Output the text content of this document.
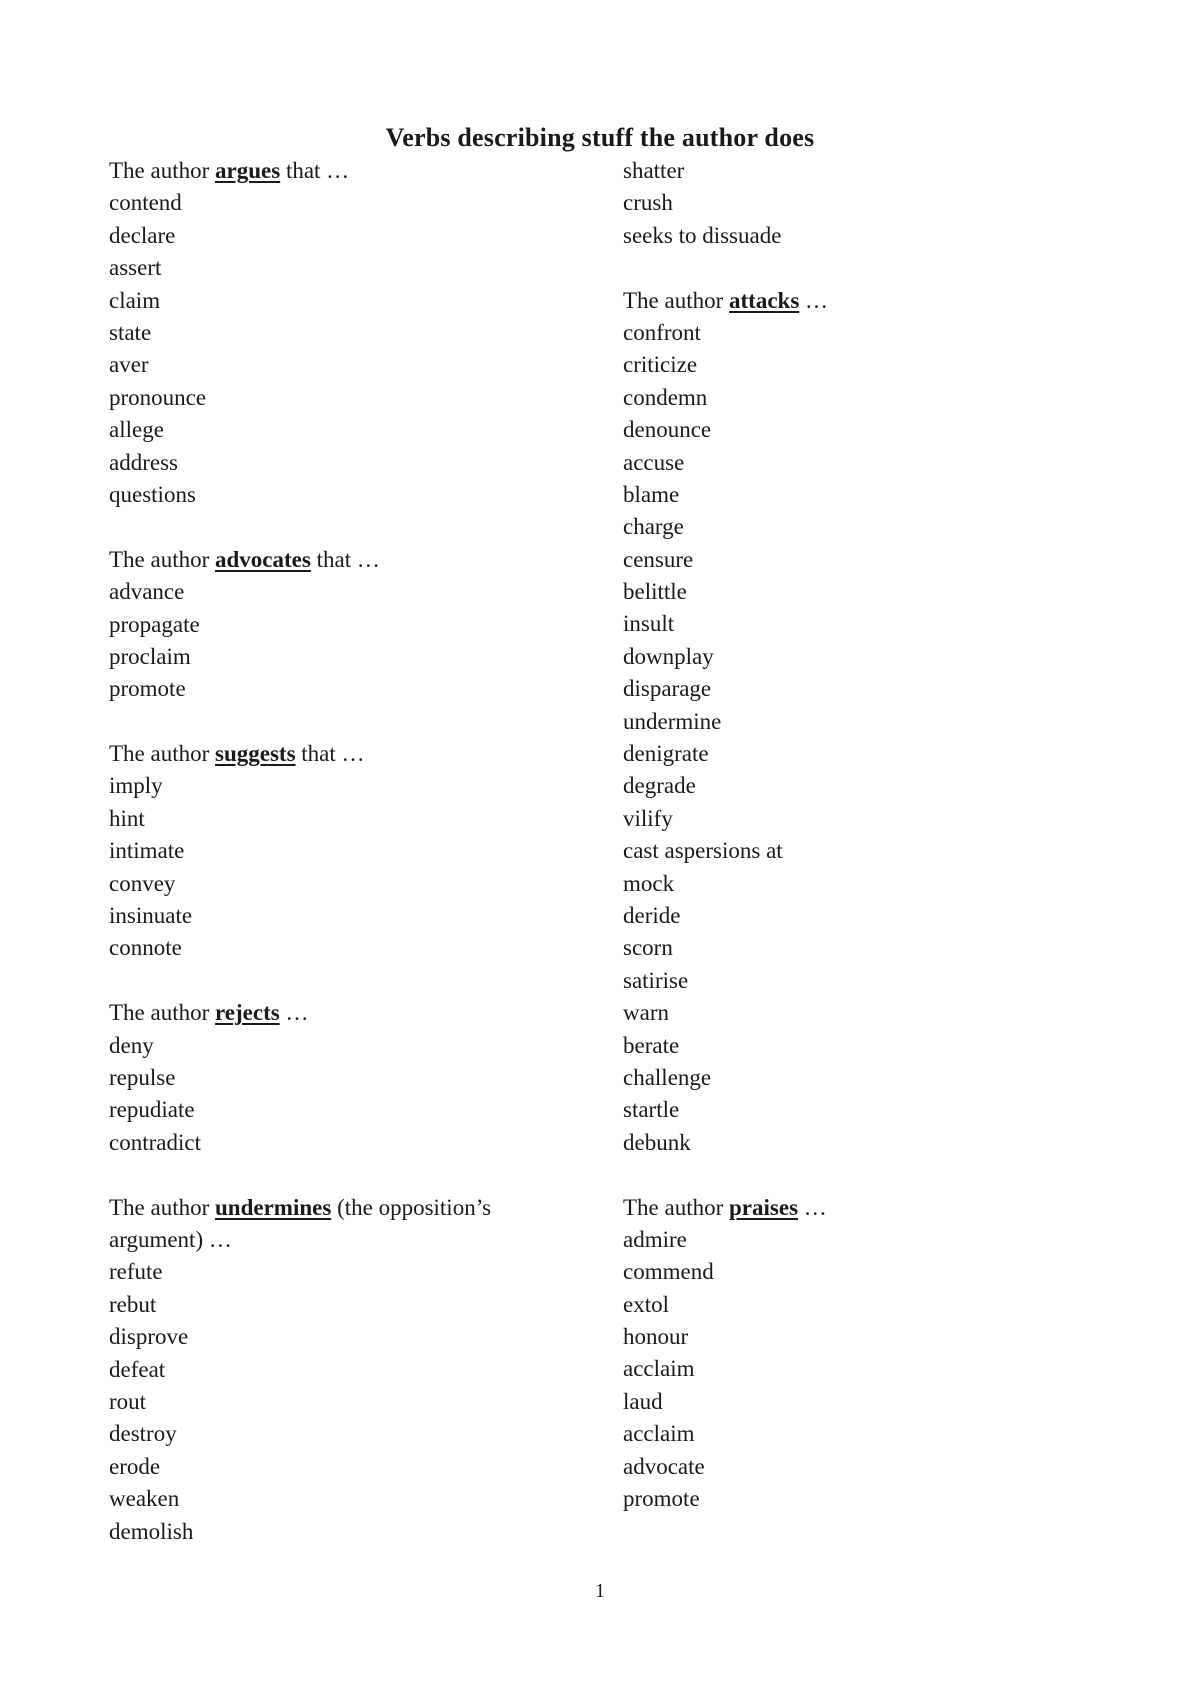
Verbs describing stuff the author does
The author argues that …
contend
declare
assert
claim
state
aver
pronounce
allege
address
questions
The author advocates that …
advance
propagate
proclaim
promote
The author suggests that …
imply
hint
intimate
convey
insinuate
connote
The author rejects …
deny
repulse
repudiate
contradict
The author undermines (the opposition’s argument) …
refute
rebut
disprove
defeat
rout
destroy
erode
weaken
demolish
shatter
crush
seeks to dissuade
The author attacks …
confront
criticize
condemn
denounce
accuse
blame
charge
censure
belittle
insult
downplay
disparage
undermine
denigrate
degrade
vilify
cast aspersions at
mock
deride
scorn
satirise
warn
berate
challenge
startle
debunk
The author praises …
admire
commend
extol
honour
acclaim
laud
acclaim
advocate
promote
1
